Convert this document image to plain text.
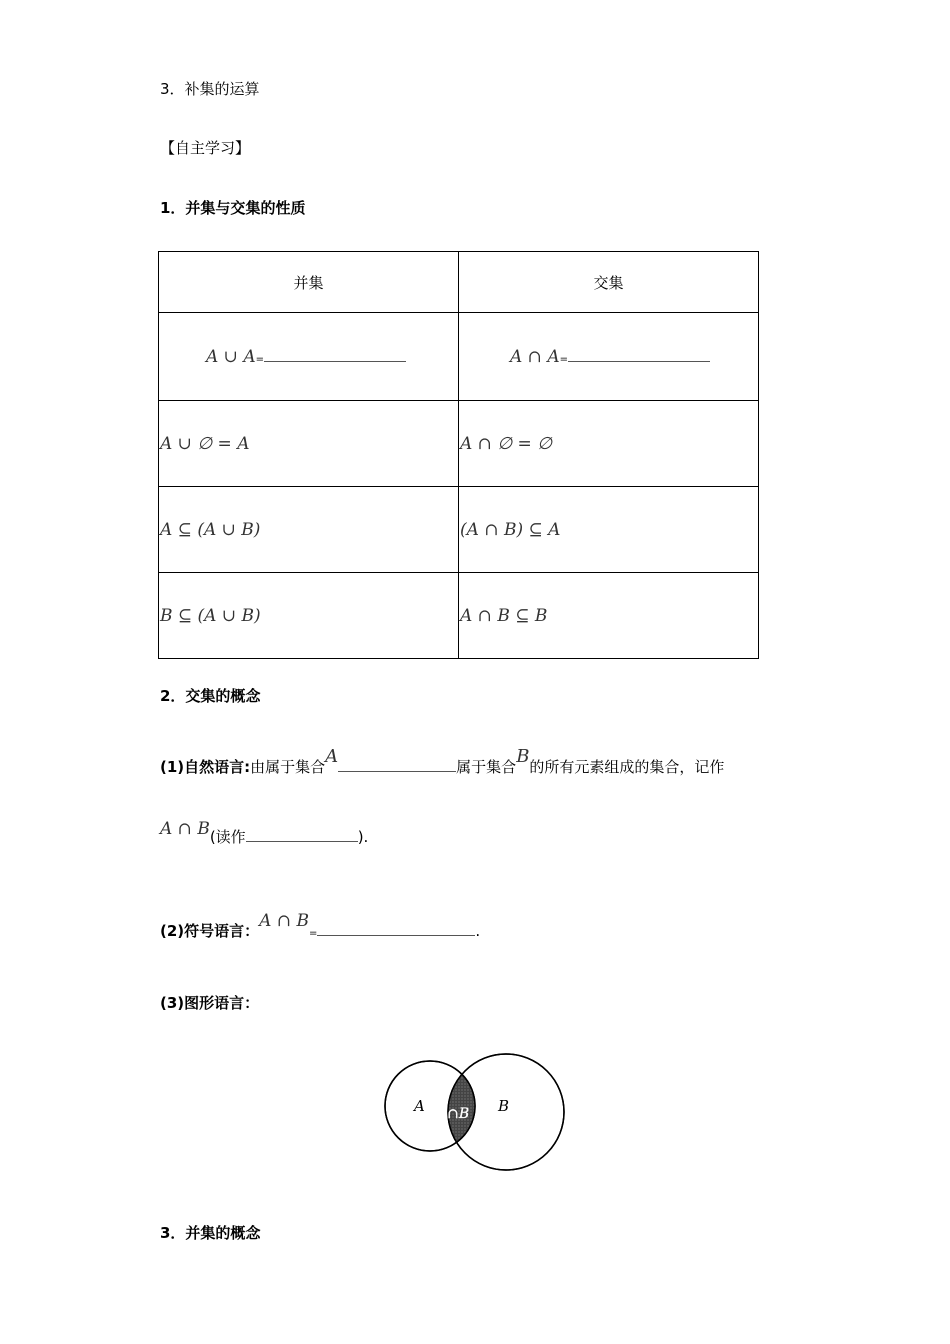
3．补集的运算
【自主学习】
1．并集与交集的性质
并集	交集

A ∪ A=	A ∩ A=

A ∪ ∅ = A	A ∩ ∅ = ∅
A ⊆ (A ∪ B)	(A ∩ B) ⊆ A
B ⊆ (A ∪ B)	A ∩ B ⊆ B
2．交集的概念
(1)自然语言:由属于集合A	属于集合B的所有元素组成的集合，记作
A ∩ B(读作	).
(2)符号语言：A ∩ B=	.
(3)图形语言：
A	B
A∩B
3．并集的概念
